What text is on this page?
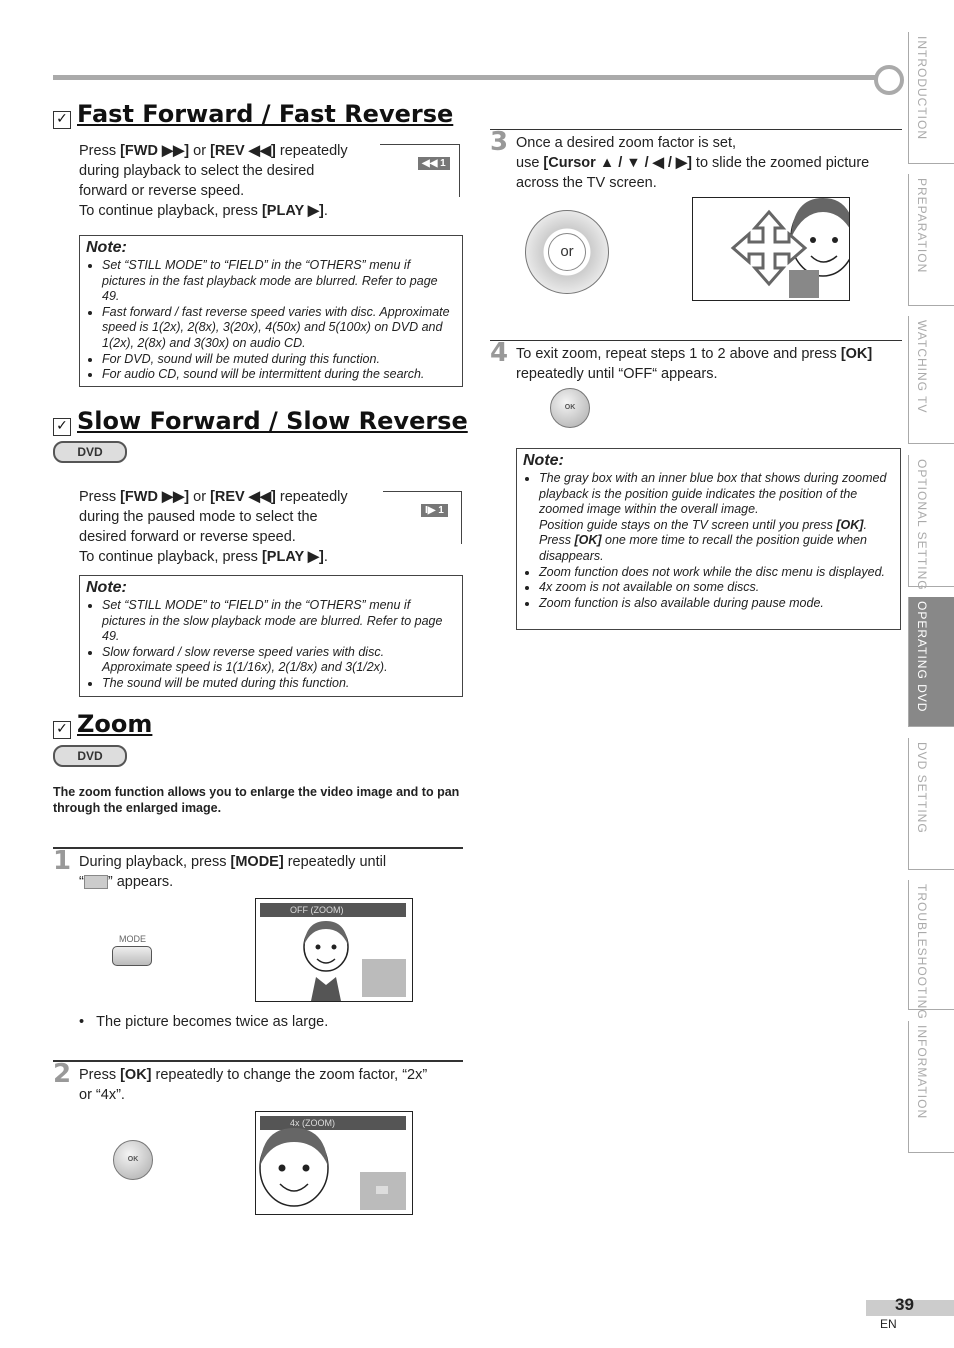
INTRODUCTION
PREPARATION
WATCHING TV
OPTIONAL SETTING
OPERATING DVD
DVD SETTING
TROUBLESHOOTING
INFORMATION
✓ Fast Forward / Fast Reverse
Press [FWD ▶▶] or [REV ◀◀] repeatedly
during playback to select the desired
forward or reverse speed.
To continue playback, press [PLAY ▶].
◀◀ 1
Note:
• Set “STILL MODE” to “FIELD” in the “OTHERS” menu if pictures in the fast playback mode are blurred. Refer to page 49.
• Fast forward / fast reverse speed varies with disc. Approximate speed is 1(2x), 2(8x), 3(20x), 4(50x) and 5(100x) on DVD and 1(2x), 2(8x) and 3(30x) on audio CD.
• For DVD, sound will be muted during this function.
• For audio CD, sound will be intermittent during the search.
✓ Slow Forward / Slow Reverse
DVD
Press [FWD ▶▶] or [REV ◀◀] repeatedly
during the paused mode to select the
desired forward or reverse speed.
To continue playback, press [PLAY ▶].
I▶ 1
Note:
• Set “STILL MODE” to “FIELD” in the “OTHERS” menu if pictures in the slow playback mode are blurred. Refer to page 49.
• Slow forward / slow reverse speed varies with disc. Approximate speed is 1(1/16x), 2(1/8x) and 3(1/2x).
• The sound will be muted during this function.
✓ Zoom
DVD
The zoom function allows you to enlarge the video image and to pan
through the enlarged image.
1 During playback, press [MODE] repeatedly until
“ ” appears.
MODE
OFF (ZOOM)
•   The picture becomes twice as large.
2 Press [OK] repeatedly to change the zoom factor, “2x”
or “4x”.
OK
4x (ZOOM)
3 Once a desired zoom factor is set,
use [Cursor ▲ / ▼ / ◀ / ▶] to slide the zoomed picture
across the TV screen.
or
4 To exit zoom, repeat steps 1 to 2 above and press [OK]
repeatedly until “OFF“ appears.
OK
Note:
• The gray box with an inner blue box that shows during zoomed playback is the position guide indicates the position of the zoomed image within the overall image.
Position guide stays on the TV screen until you press [OK]. Press [OK] one more time to recall the position guide when disappears.
• Zoom function does not work while the disc menu is displayed.
• 4x zoom is not available on some discs.
• Zoom function is also available during pause mode.
39
EN
